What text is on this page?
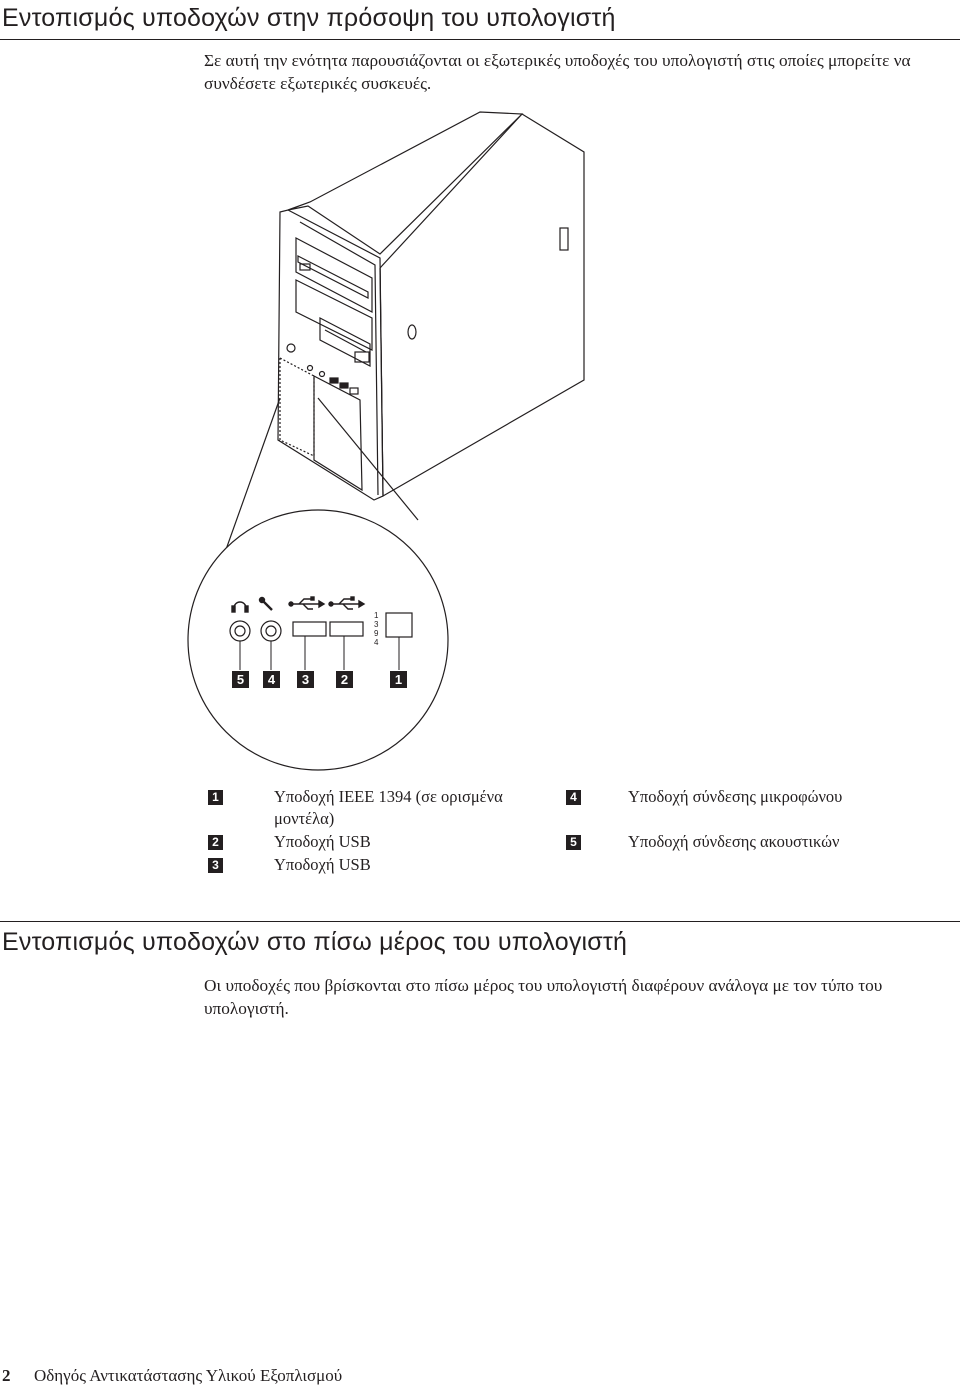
Εντοπισμός υποδοχών στην πρόσοψη του υπολογιστή

Σε αυτή την ενότητα παρουσιάζονται οι εξωτερικές υποδοχές του υπολογιστή στις οποίες μπορείτε να συνδέσετε εξωτερικές συσκευές.

1
3
9
4
5 4 3 2	1
1	Υποδοχή IEEE 1394 (σε ορισμένα
μοντέλα)
2	Υποδοχή USB
3	Υποδοχή USB
4	Υποδοχή σύνδεσης μικροφώνου
5	Υποδοχή σύνδεσης ακουστικών
Εντοπισμός υποδοχών στο πίσω μέρος του υπολογιστή

Οι υποδοχές που βρίσκονται στο πίσω μέρος του υπολογιστή διαφέρουν ανάλογα με τον τύπο του υπολογιστή.

2 Οδηγός Αντικατάστασης Υλικού Εξοπλισμού
